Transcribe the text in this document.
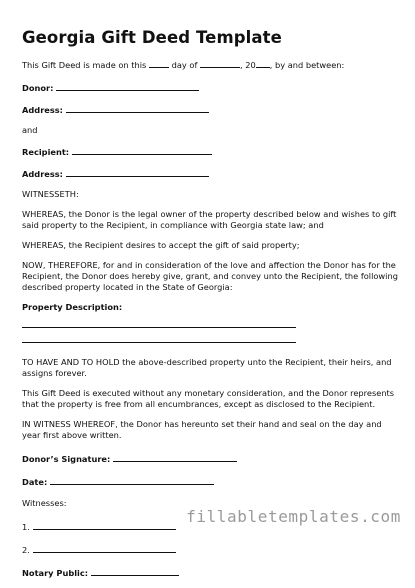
Georgia Gift Deed Template
This Gift Deed is made on this	day of	, 20 , by and between:
Donor:
Address:
and
Recipient:
Address:
WITNESSETH:
WHEREAS, the Donor is the legal owner of the property described below and wishes to gift said property to the Recipient, in compliance with Georgia state law; and
WHEREAS, the Recipient desires to accept the gift of said property;
NOW, THEREFORE, for and in consideration of the love and affection the Donor has for the Recipient, the Donor does hereby give, grant, and convey unto the Recipient, the following described property located in the State of Georgia:
Property Description:
TO HAVE AND TO HOLD the above-described property unto the Recipient, their heirs, and assigns forever.
This Gift Deed is executed without any monetary consideration, and the Donor represents that the property is free from all encumbrances, except as disclosed to the Recipient.
IN WITNESS WHEREOF, the Donor has hereunto set their hand and seal on the day and year first above written.
Donor’s Signature:
Date:
Witnesses:
1.
2.
Notary Public:
fillabletemplates.com
